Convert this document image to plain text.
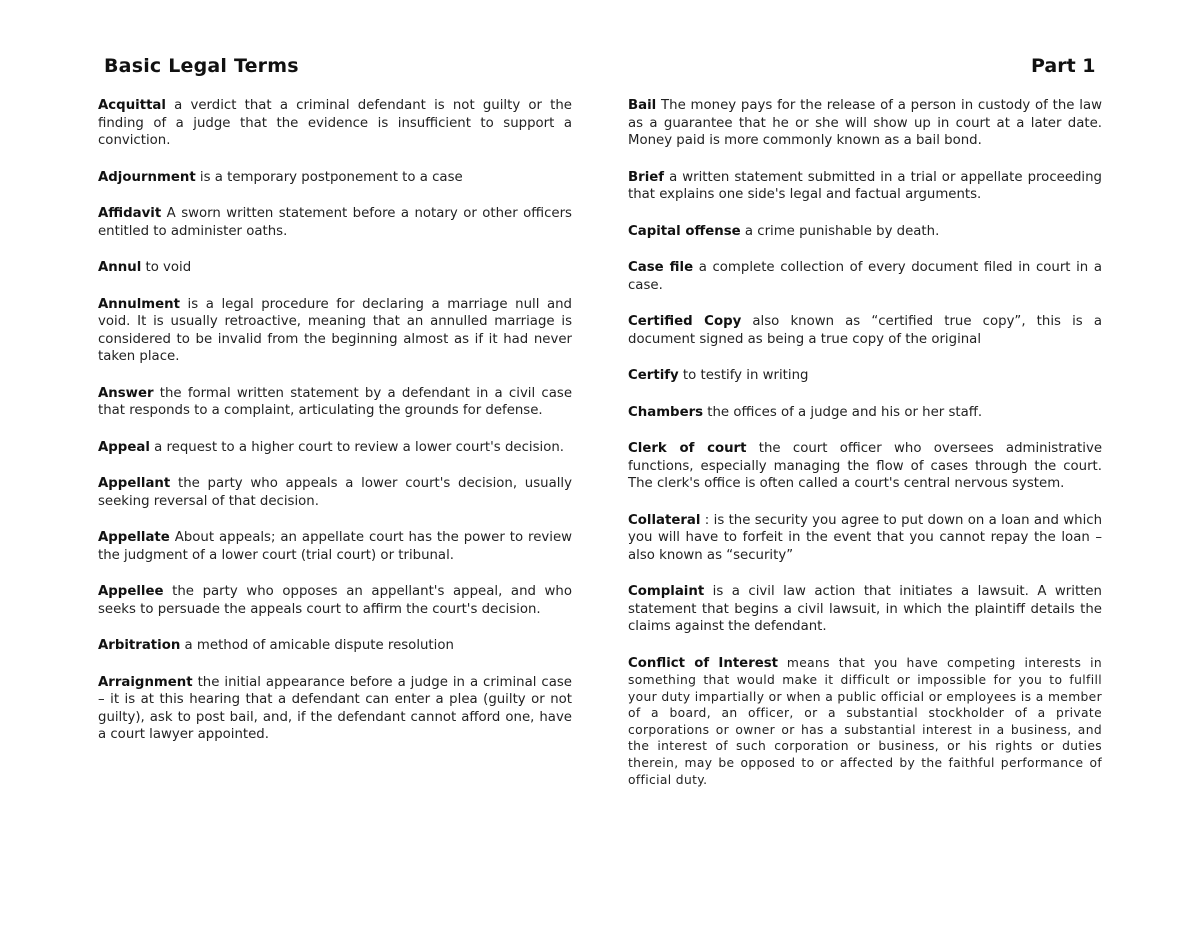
Basic Legal Terms	Part 1

Acquittal a verdict that a criminal defendant is not guilty or the finding of a judge that the evidence is insufficient to support a conviction.

Adjournment is a temporary postponement to a case

Affidavit A sworn written statement before a notary or other officers entitled to administer oaths.

Annul to void

Annulment is a legal procedure for declaring a marriage null and void. It is usually retroactive, meaning that an annulled marriage is considered to be invalid from the beginning almost as if it had never taken place.

Answer the formal written statement by a defendant in a civil case that responds to a complaint, articulating the grounds for defense.

Appeal a request to a higher court to review a lower court's decision.

Appellant the party who appeals a lower court's decision, usually seeking reversal of that decision.

Appellate About appeals; an appellate court has the power to review the judgment of a lower court (trial court) or tribunal.

Appellee the party who opposes an appellant's appeal, and who seeks to persuade the appeals court to affirm the court's decision.

Arbitration a method of amicable dispute resolution

Arraignment the initial appearance before a judge in a criminal case – it is at this hearing that a defendant can enter a plea (guilty or not guilty), ask to post bail, and, if the defendant cannot afford one, have a court lawyer appointed.

Bail The money pays for the release of a person in custody of the law as a guarantee that he or she will show up in court at a later date. Money paid is more commonly known as a bail bond.

Brief a written statement submitted in a trial or appellate proceeding that explains one side's legal and factual arguments.

Capital offense a crime punishable by death.

Case file a complete collection of every document filed in court in a case.

Certified Copy also known as “certified true copy”, this is a document signed as being a true copy of the original

Certify to testify in writing

Chambers the offices of a judge and his or her staff.

Clerk of court the court officer who oversees administrative functions, especially managing the flow of cases through the court. The clerk's office is often called a court's central nervous system.

Collateral : is the security you agree to put down on a loan and which you will have to forfeit in the event that you cannot repay the loan – also known as “security”

Complaint is a civil law action that initiates a lawsuit. A written statement that begins a civil lawsuit, in which the plaintiff details the claims against the defendant.

Conflict of Interest means that you have competing interests in something that would make it difficult or impossible for you to fulfill your duty impartially or when a public official or employees is a member of a board, an officer, or a substantial stockholder of a private corporations or owner or has a substantial interest in a business, and the interest of such corporation or business, or his rights or duties therein, may be opposed to or affected by the faithful performance of official duty.
